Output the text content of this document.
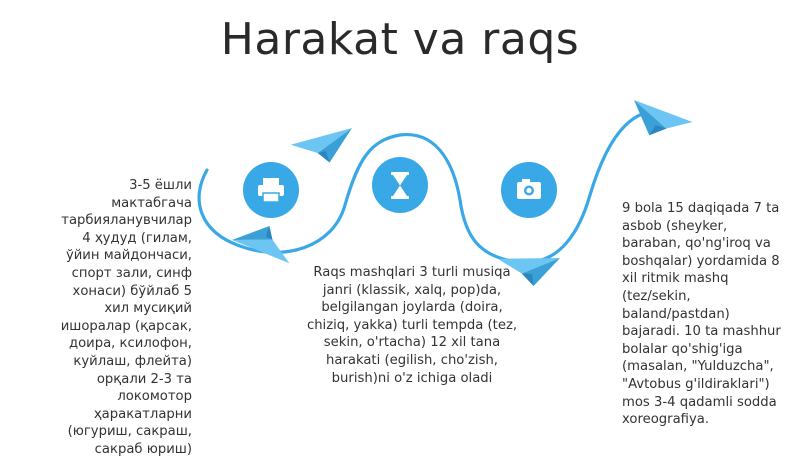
Harakat va raqs
3-5 ёшли мактабгача тарбияланувчилар 4 ҳудуд (гилам, ўйин майдончаси, спорт зали, синф хонаси) бўйлаб 5 хил мусиқий ишоралар (қарсак, доира, ксилофон, куйлаш, флейта) орқали 2-3 та локомотор ҳаракатларни (югуриш, сакраш, сакраб юриш)
Raqs mashqlari 3 turli musiqa janri (klassik, xalq, pop)da, belgilangan joylarda (doira, chiziq, yakka) turli tempda (tez, sekin, o'rtacha) 12 xil tana harakati (egilish, cho'zish, burish)ni o'z ichiga oladi
9 bola 15 daqiqada 7 ta asbob (sheyker, baraban, qo'ng'iroq va boshqalar) yordamida 8 xil ritmik mashq (tez/sekin, baland/pastdan) bajaradi. 10 ta mashhur bolalar qo'shig'iga (masalan, "Yulduzcha", "Avtobus g'ildiraklari") mos 3-4 qadamli sodda xoreografiya.
